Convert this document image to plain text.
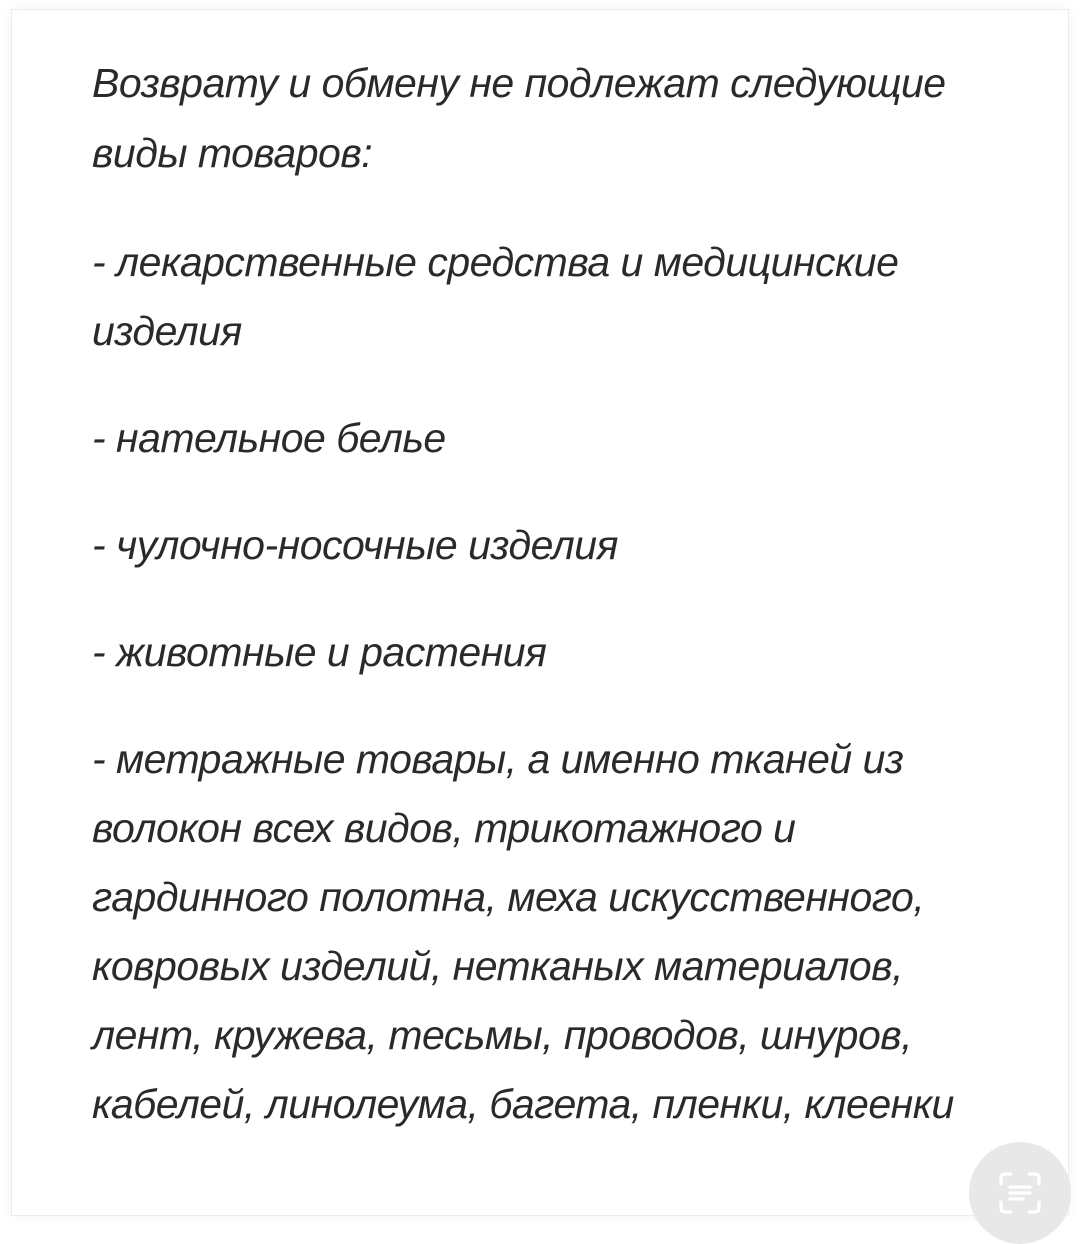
Возврату и обмену не подлежат следующие виды товаров:

- лекарственные средства и медицинские изделия

- нательное белье

- чулочно-носочные изделия

- животные и растения

- метражные товары, а именно тканей из волокон всех видов, трикотажного и гардинного полотна, меха искусственного, ковровых изделий, нетканых материалов, лент, кружева, тесьмы, проводов, шнуров, кабелей, линолеума, багета, пленки, клеенки
